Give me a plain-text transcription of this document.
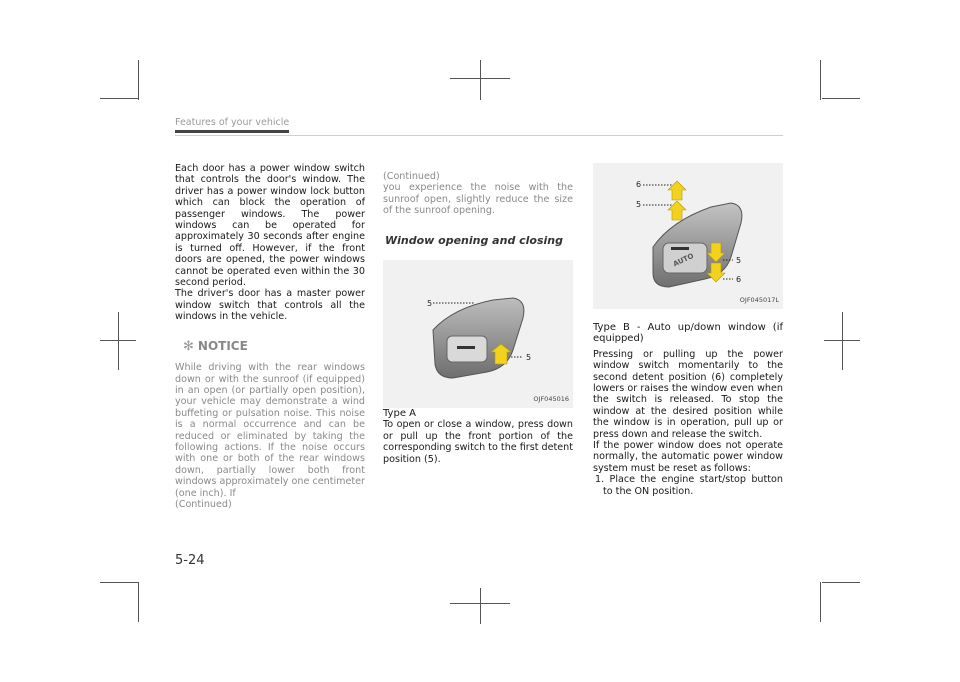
Features of your vehicle

Each door has a power window switch that controls the door's window. The driver has a power window lock button which can block the operation of passenger windows. The power windows can be operated for approximately 30 seconds after engine is turned off. However, if the front doors are opened, the power windows cannot be operated even within the 30 second period.

The driver's door has a master power window switch that controls all the windows in the vehicle.

✻ NOTICE

While driving with the rear windows down or with the sunroof (if equipped) in an open (or partially open position), your vehicle may demonstrate a wind buffeting or pulsation noise. This noise is a normal occurrence and can be reduced or eliminated by taking the following actions. If the noise occurs with one or both of the rear windows down, partially lower both front windows approximately one centimeter (one inch). If

(Continued)

(Continued)

you experience the noise with the sunroof open, slightly reduce the size of the sunroof opening.

Window opening and closing
5
5
OJF045016

Type A

To open or close a window, press down or pull up the front portion of the corresponding switch to the first detent position (5).

6
5
5
6
AUTO
OJF045017L

Type B - Auto up/down window (if equipped)

Pressing or pulling up the power window switch momentarily to the second detent position (6) completely lowers or raises the window even when the switch is released. To stop the window at the desired position while the window is in operation, pull up or press down and release the switch.

If the power window does not operate normally, the automatic power window system must be reset as follows:

1. Place the engine start/stop button to the ON position.

5-24
